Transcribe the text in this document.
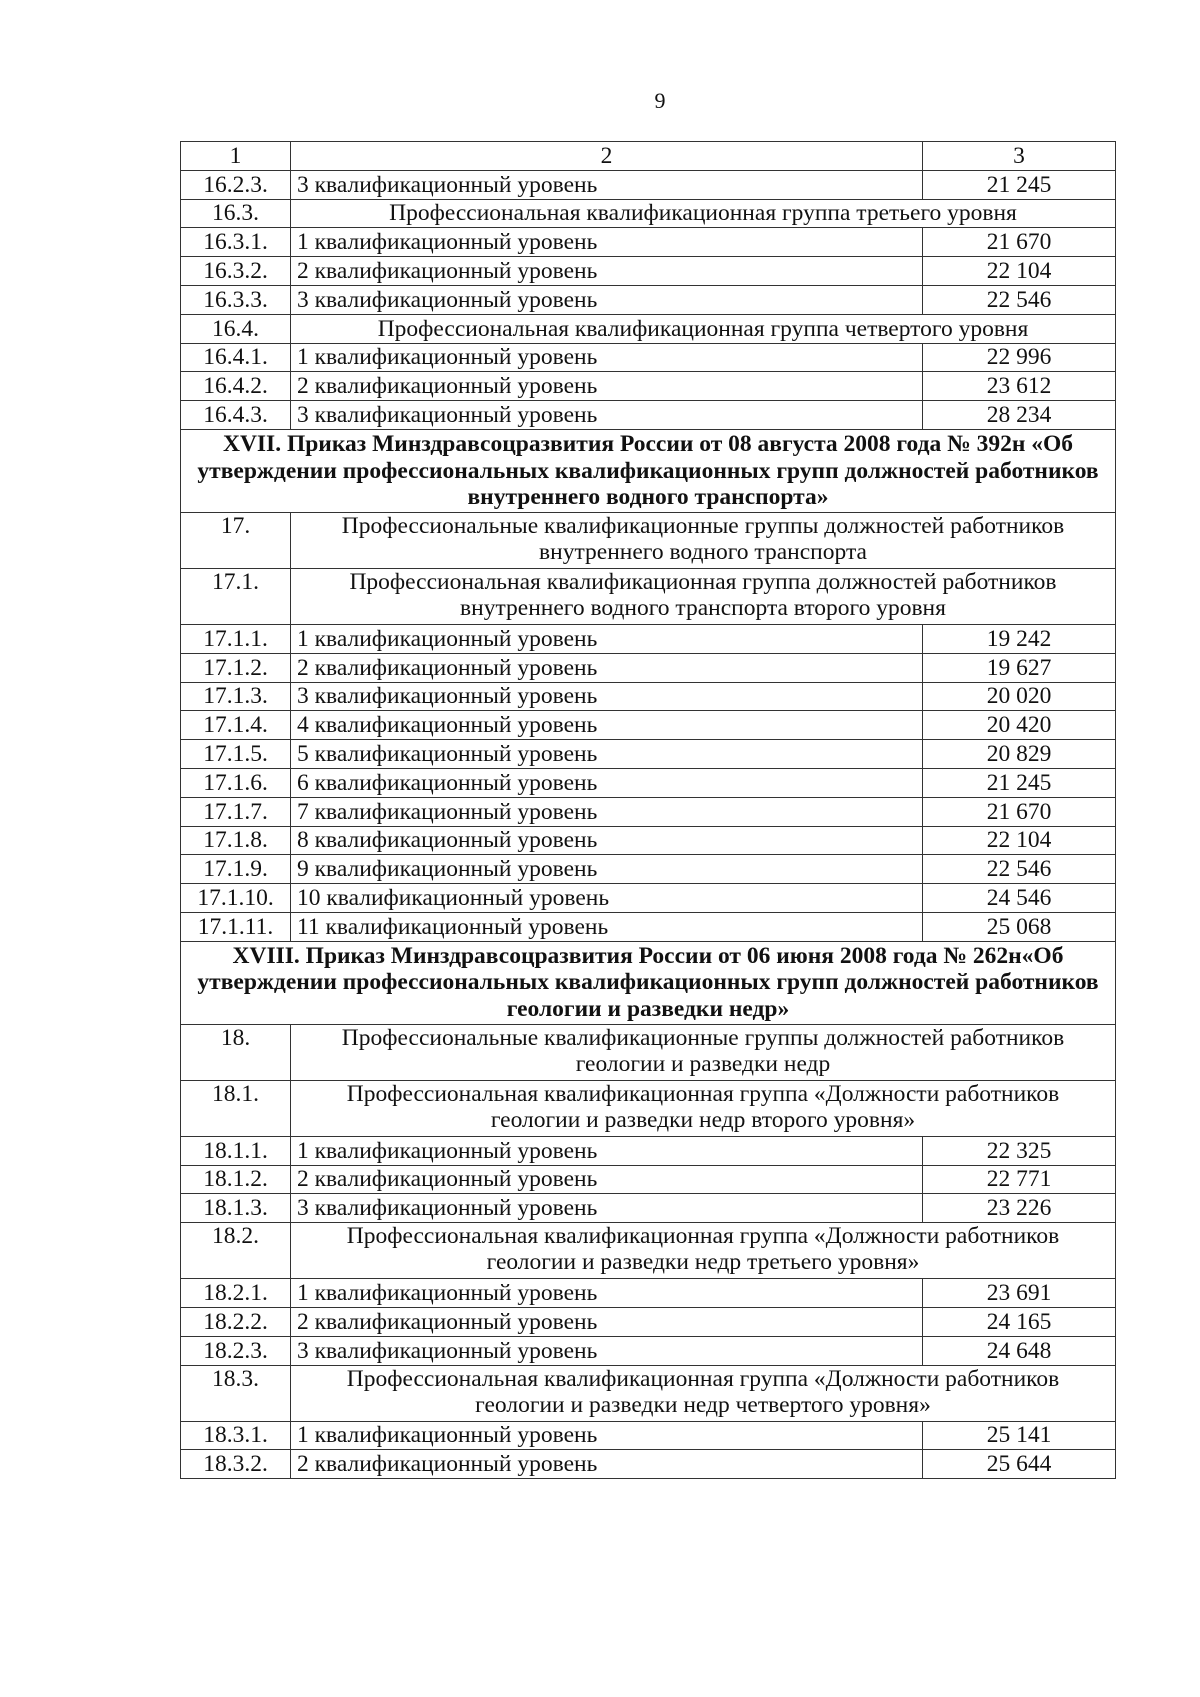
9
1	2	3
16.2.3.	3 квалификационный уровень	21 245
16.3.	Профессиональная квалификационная группа третьего уровня	
16.3.1.	1 квалификационный уровень	21 670
16.3.2.	2 квалификационный уровень	22 104
16.3.3.	3 квалификационный уровень	22 546
16.4.	Профессиональная квалификационная группа четвертого уровня	
16.4.1.	1 квалификационный уровень	22 996
16.4.2.	2 квалификационный уровень	23 612
16.4.3.	3 квалификационный уровень	28 234
XVII. Приказ Минздравсоцразвития России от 08 августа 2008 года № 392н «Об утверждении профессиональных квалификационных групп должностей работников внутреннего водного транспорта»		
17.	Профессиональные квалификационные группы должностей работников внутреннего водного транспорта	
17.1.	Профессиональная квалификационная группа должностей работников внутреннего водного транспорта второго уровня	
17.1.1.	1 квалификационный уровень	19 242
17.1.2.	2 квалификационный уровень	19 627
17.1.3.	3 квалификационный уровень	20 020
17.1.4.	4 квалификационный уровень	20 420
17.1.5.	5 квалификационный уровень	20 829
17.1.6.	6 квалификационный уровень	21 245
17.1.7.	7 квалификационный уровень	21 670
17.1.8.	8 квалификационный уровень	22 104
17.1.9.	9 квалификационный уровень	22 546
17.1.10.	10 квалификационный уровень	24 546
17.1.11.	11 квалификационный уровень	25 068
XVIII. Приказ Минздравсоцразвития России от 06 июня 2008 года № 262н«Об утверждении профессиональных квалификационных групп должностей работников геологии и разведки недр»		
18.	Профессиональные квалификационные группы должностей работников геологии и разведки недр	
18.1.	Профессиональная квалификационная группа «Должности работников геологии и разведки недр второго уровня»	
18.1.1.	1 квалификационный уровень	22 325
18.1.2.	2 квалификационный уровень	22 771
18.1.3.	3 квалификационный уровень	23 226
18.2.	Профессиональная квалификационная группа «Должности работников геологии и разведки недр третьего уровня»	
18.2.1.	1 квалификационный уровень	23 691
18.2.2.	2 квалификационный уровень	24 165
18.2.3.	3 квалификационный уровень	24 648
18.3.	Профессиональная квалификационная группа «Должности работников геологии и разведки недр четвертого уровня»	
18.3.1.	1 квалификационный уровень	25 141
18.3.2.	2 квалификационный уровень	25 644
